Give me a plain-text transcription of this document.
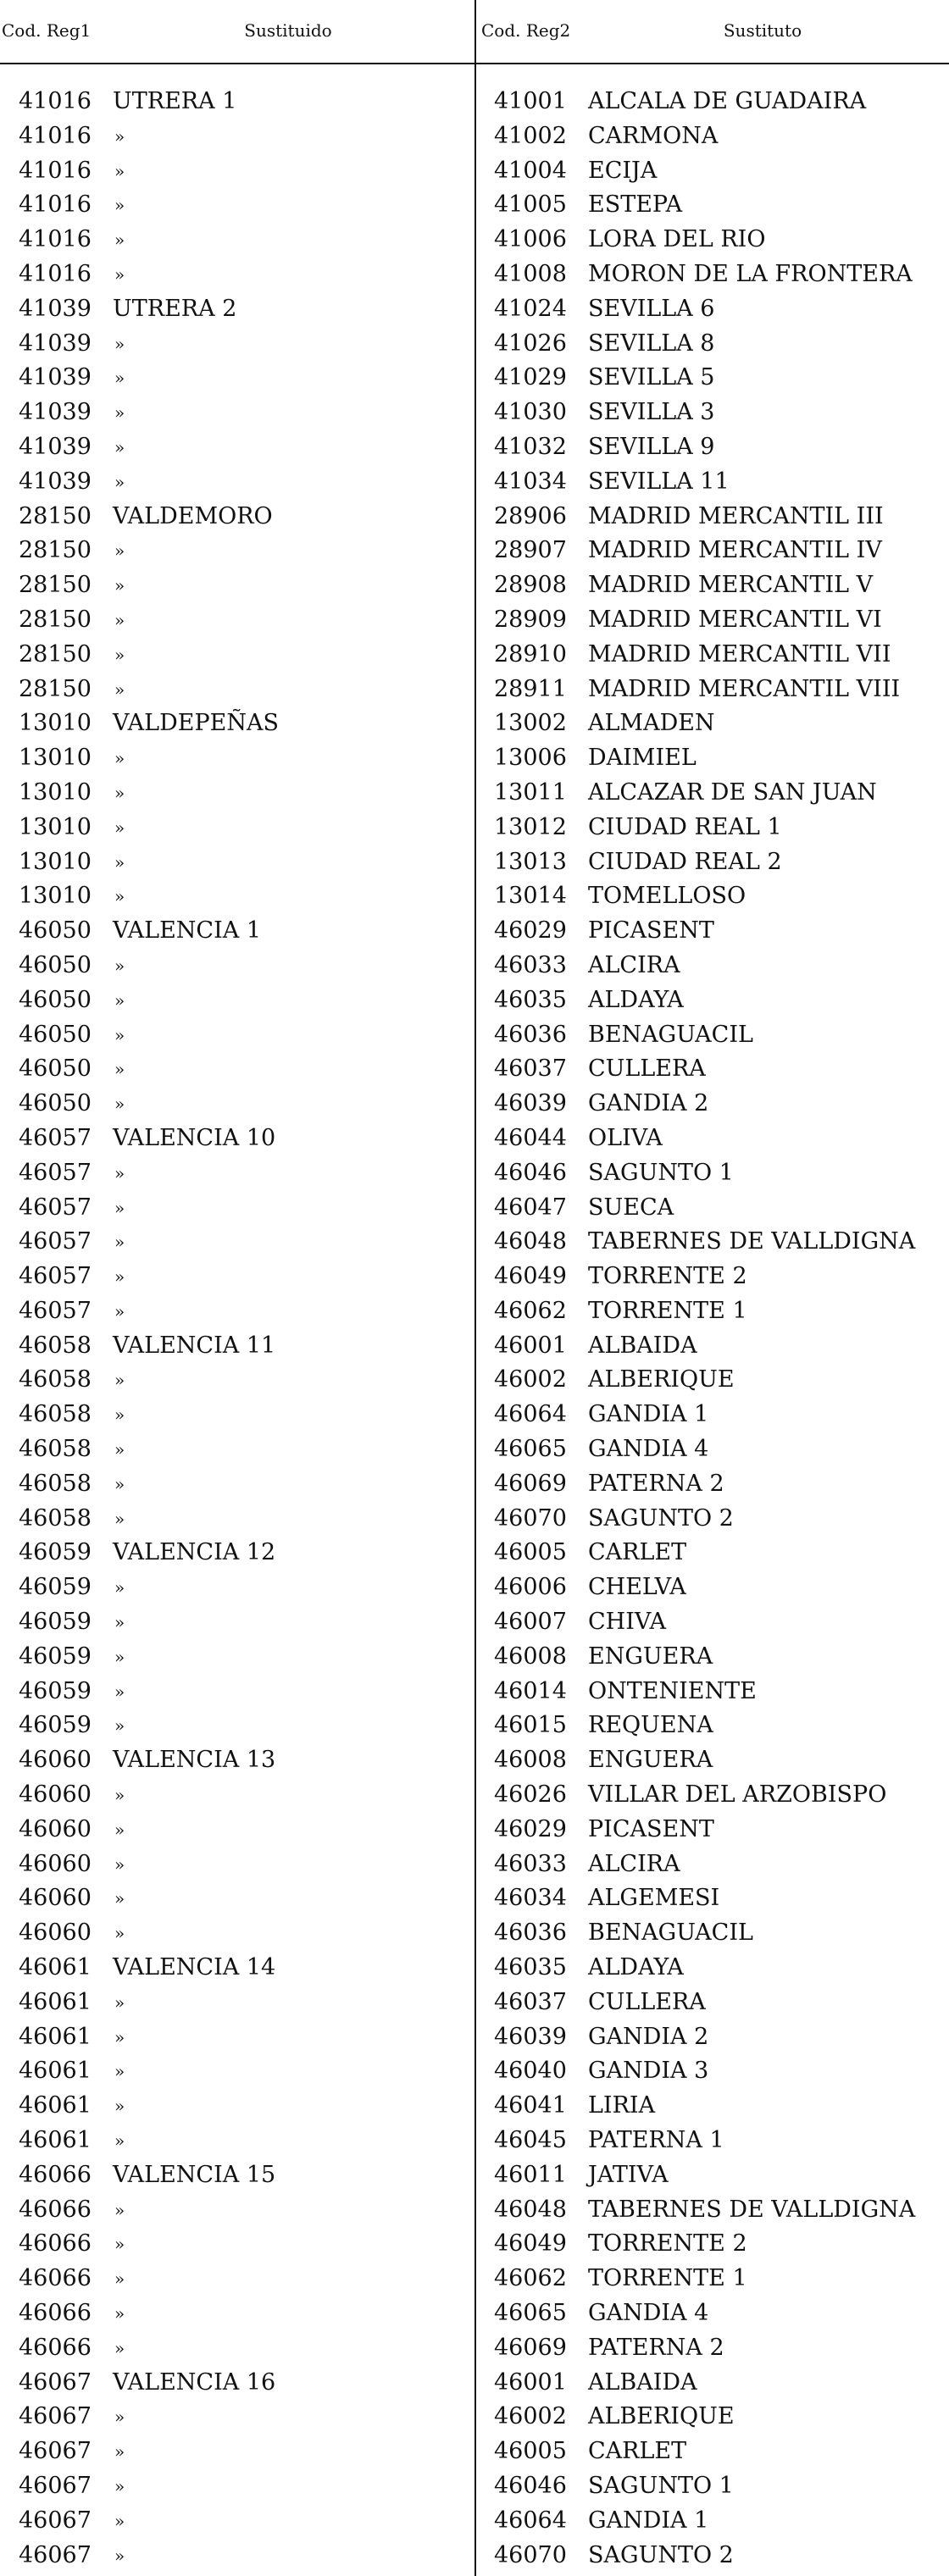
Cod. Reg1	Sustituido	Cod. Reg2	Sustituto
41016 UTRERA 1	41001 ALCALA DE GUADAIRA
41016 »	41002 CARMONA
41016 »	41004 ECIJA
41016 »	41005 ESTEPA
41016 »	41006 LORA DEL RIO
41016 »	41008 MORON DE LA FRONTERA
41039 UTRERA 2	41024 SEVILLA 6
41039 »	41026 SEVILLA 8
41039 »	41029 SEVILLA 5
41039 »	41030 SEVILLA 3
41039 »	41032 SEVILLA 9
41039 »	41034 SEVILLA 11
28150 VALDEMORO	28906 MADRID MERCANTIL III
28150 »	28907 MADRID MERCANTIL IV
28150 »	28908 MADRID MERCANTIL V
28150 »	28909 MADRID MERCANTIL VI
28150 »	28910 MADRID MERCANTIL VII
28150 »	28911 MADRID MERCANTIL VIII
13010 VALDEPEÑAS	13002 ALMADEN
13010 »	13006 DAIMIEL
13010 »	13011 ALCAZAR DE SAN JUAN
13010 »	13012 CIUDAD REAL 1
13010 »	13013 CIUDAD REAL 2
13010 »	13014 TOMELLOSO
46050 VALENCIA 1	46029 PICASENT
46050 »	46033 ALCIRA
46050 »	46035 ALDAYA
46050 »	46036 BENAGUACIL
46050 »	46037 CULLERA
46050 »	46039 GANDIA 2
46057 VALENCIA 10	46044 OLIVA
46057 »	46046 SAGUNTO 1
46057 »	46047 SUECA
46057 »	46048 TABERNES DE VALLDIGNA
46057 »	46049 TORRENTE 2
46057 »	46062 TORRENTE 1
46058 VALENCIA 11	46001 ALBAIDA
46058 »	46002 ALBERIQUE
46058 »	46064 GANDIA 1
46058 »	46065 GANDIA 4
46058 »	46069 PATERNA 2
46058 »	46070 SAGUNTO 2
46059 VALENCIA 12	46005 CARLET
46059 »	46006 CHELVA
46059 »	46007 CHIVA
46059 »	46008 ENGUERA
46059 »	46014 ONTENIENTE
46059 »	46015 REQUENA
46060 VALENCIA 13	46008 ENGUERA
46060 »	46026 VILLAR DEL ARZOBISPO
46060 »	46029 PICASENT
46060 »	46033 ALCIRA
46060 »	46034 ALGEMESI
46060 »	46036 BENAGUACIL
46061 VALENCIA 14	46035 ALDAYA
46061 »	46037 CULLERA
46061 »	46039 GANDIA 2
46061 »	46040 GANDIA 3
46061 »	46041 LIRIA
46061 »	46045 PATERNA 1
46066 VALENCIA 15	46011 JATIVA
46066 »	46048 TABERNES DE VALLDIGNA
46066 »	46049 TORRENTE 2
46066 »	46062 TORRENTE 1
46066 »	46065 GANDIA 4
46066 »	46069 PATERNA 2
46067 VALENCIA 16	46001 ALBAIDA
46067 »	46002 ALBERIQUE
46067 »	46005 CARLET
46067 »	46046 SAGUNTO 1
46067 »	46064 GANDIA 1
46067 »	46070 SAGUNTO 2
